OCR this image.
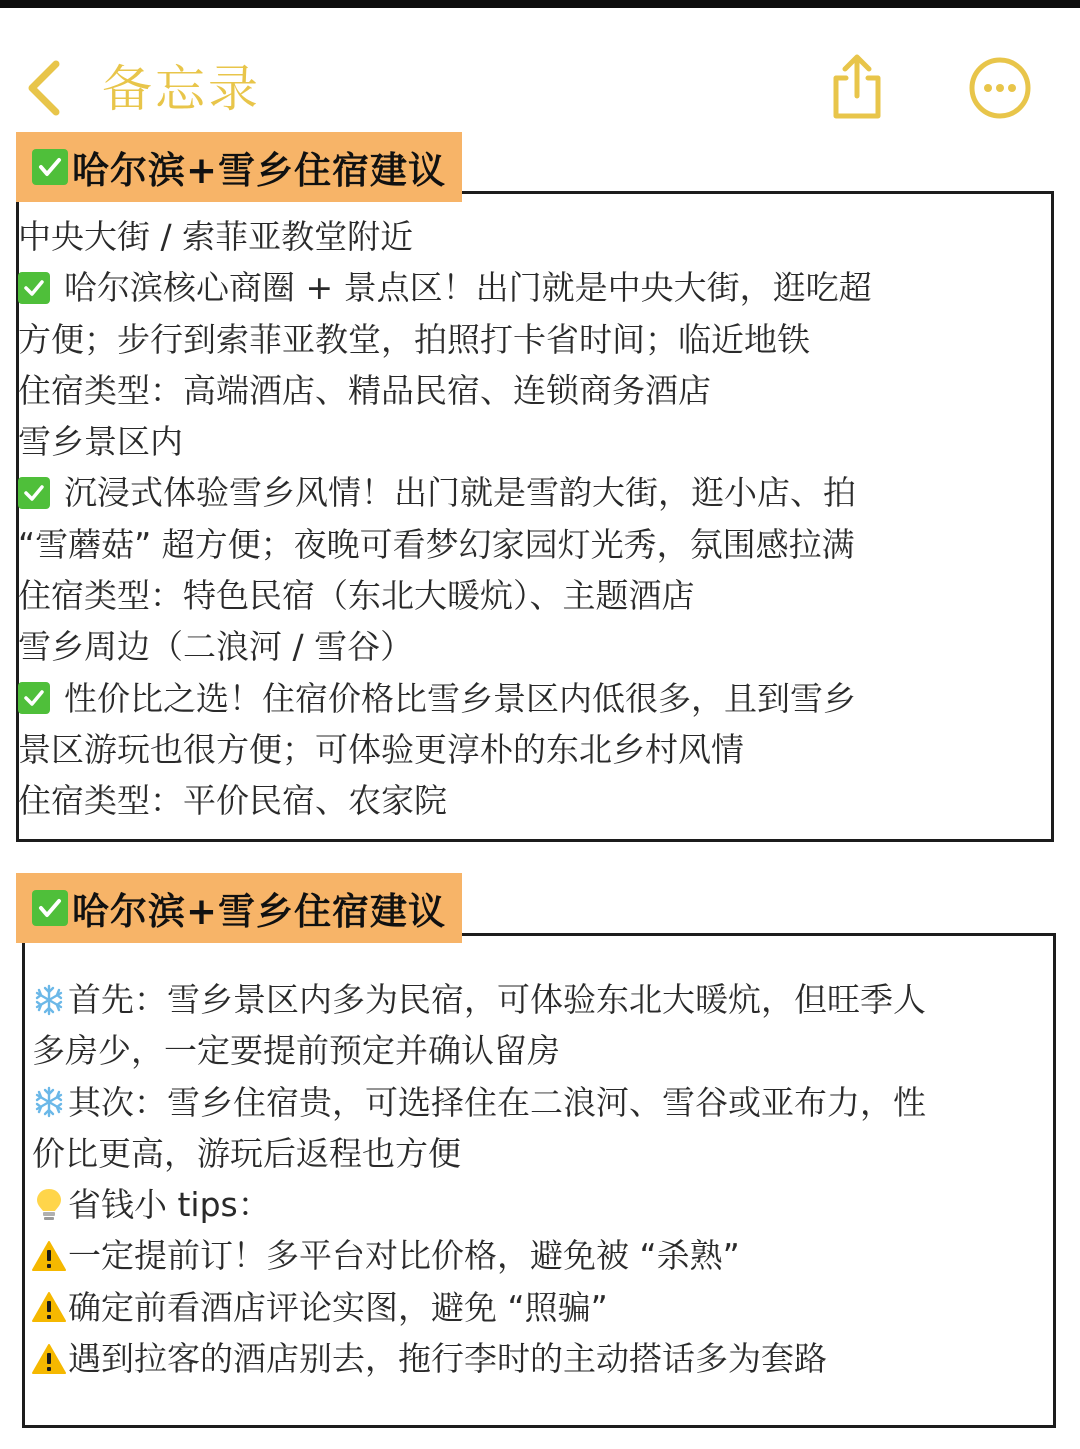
备忘录
哈尔滨+雪乡住宿建议
中央大街 / 索菲亚教堂附近
哈尔滨核心商圈 + 景点区！出门就是中央大街，逛吃超
方便；步行到索菲亚教堂，拍照打卡省时间；临近地铁
住宿类型：高端酒店、精品民宿、连锁商务酒店
雪乡景区内
沉浸式体验雪乡风情！出门就是雪韵大街，逛小店、拍
“雪蘑菇” 超方便；夜晚可看梦幻家园灯光秀，氛围感拉满
住宿类型：特色民宿（东北大暖炕）、主题酒店
雪乡周边（二浪河 / 雪谷）
性价比之选！住宿价格比雪乡景区内低很多，且到雪乡
景区游玩也很方便；可体验更淳朴的东北乡村风情
住宿类型：平价民宿、农家院
哈尔滨+雪乡住宿建议
首先：雪乡景区内多为民宿，可体验东北大暖炕，但旺季人
多房少，一定要提前预定并确认留房
其次：雪乡住宿贵，可选择住在二浪河、雪谷或亚布力，性
价比更高，游玩后返程也方便
省钱小 tips：
一定提前订！多平台对比价格，避免被 “杀熟”
确定前看酒店评论实图，避免 “照骗”
遇到拉客的酒店别去，拖行李时的主动搭话多为套路
